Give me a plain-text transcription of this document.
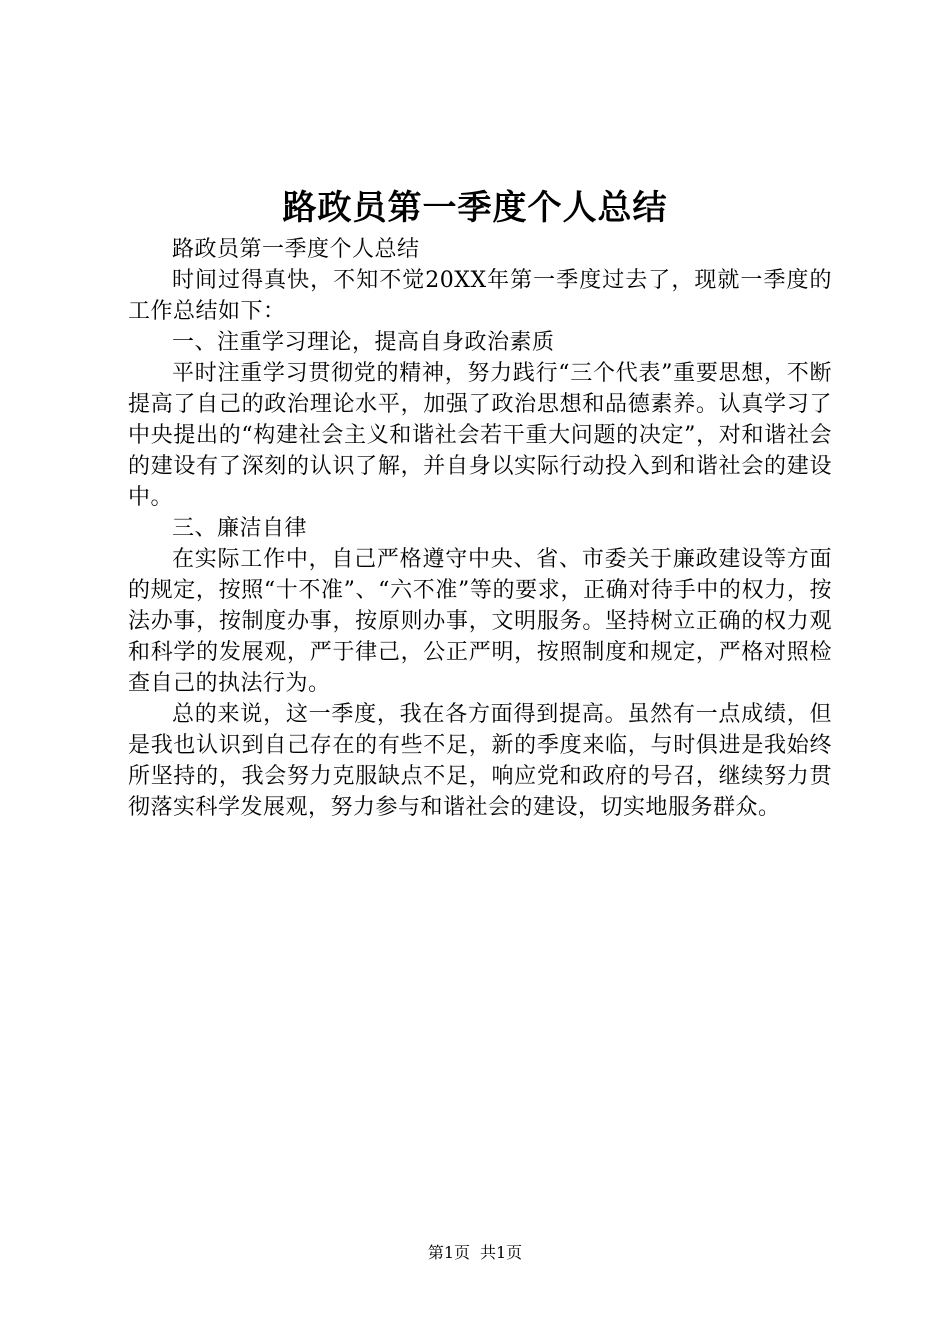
路政员第一季度个人总结

路政员第一季度个人总结

时间过得真快，不知不觉20XX年第一季度过去了，现就一季度的工作总结如下：

一、注重学习理论，提高自身政治素质

平时注重学习贯彻党的精神，努力践行“三个代表”重要思想，不断提高了自己的政治理论水平，加强了政治思想和品德素养。认真学习了中央提出的“构建社会主义和谐社会若干重大问题的决定”，对和谐社会的建设有了深刻的认识了解，并自身以实际行动投入到和谐社会的建设中。

三、廉洁自律

在实际工作中，自己严格遵守中央、省、市委关于廉政建设等方面的规定，按照“十不准”、“六不准”等的要求，正确对待手中的权力，按法办事，按制度办事，按原则办事，文明服务。坚持树立正确的权力观和科学的发展观，严于律己，公正严明，按照制度和规定，严格对照检查自己的执法行为。

总的来说，这一季度，我在各方面得到提高。虽然有一点成绩，但是我也认识到自己存在的有些不足，新的季度来临，与时俱进是我始终所坚持的，我会努力克服缺点不足，响应党和政府的号召，继续努力贯彻落实科学发展观，努力参与和谐社会的建设，切实地服务群众。

第1页 共1页
